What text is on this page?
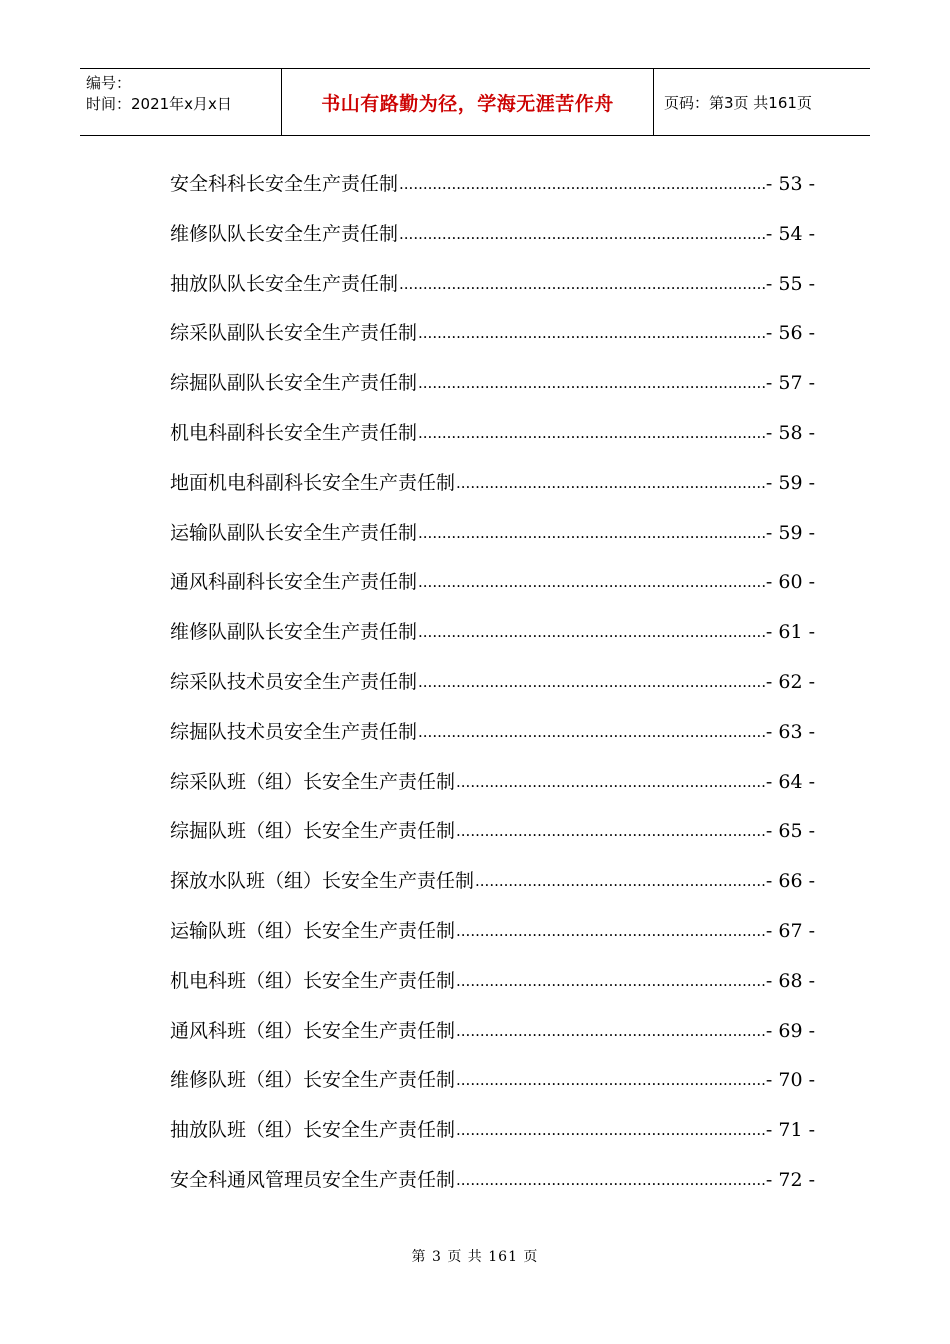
编号：
时间：2021年x月x日	书山有路勤为径，学海无涯苦作舟	页码：第3页 共161页
安全科科长安全生产责任制 .....	- 53 -
维修队队长安全生产责任制 .....	- 54 -
抽放队队长安全生产责任制 .....	- 55 -
综采队副队长安全生产责任制 .....	- 56 -
综掘队副队长安全生产责任制 .....	- 57 -
机电科副科长安全生产责任制 .....	- 58 -
地面机电科副科长安全生产责任制 .....	- 59 -
运输队副队长安全生产责任制 .....	- 59 -
通风科副科长安全生产责任制 .....	- 60 -
维修队副队长安全生产责任制 .....	- 61 -
综采队技术员安全生产责任制 .....	- 62 -
综掘队技术员安全生产责任制 .....	- 63 -
综采队班（组）长安全生产责任制 .....	- 64 -
综掘队班（组）长安全生产责任制 .....	- 65 -
探放水队班（组）长安全生产责任制 .....	- 66 -
运输队班（组）长安全生产责任制 .....	- 67 -
机电科班（组）长安全生产责任制 .....	- 68 -
通风科班（组）长安全生产责任制 .....	- 69 -
维修队班（组）长安全生产责任制 .....	- 70 -
抽放队班（组）长安全生产责任制 .....	- 71 -
安全科通风管理员安全生产责任制 .....	- 72 -
第 3 页 共 161 页
